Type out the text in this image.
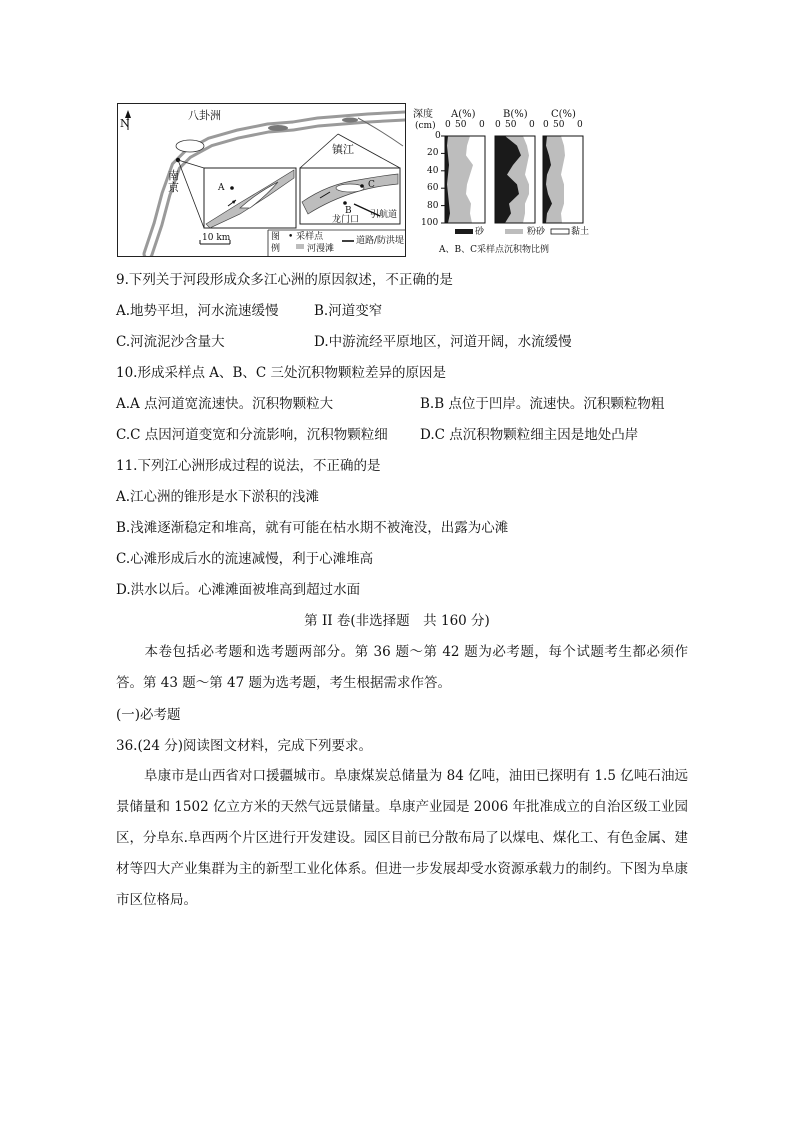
N
八卦洲
南京
镇江
A
B
C
龙门口 引航道
10 km	图
例
• 采样点
河漫滩
道路/防洪堤
深度
(cm)
A(%)	B(%) C(%)
0 50 0 0 50 0 0 50 0
0
20
40
60
80
100
砂	粉砂	黏土
A、B、C采样点沉积物比例
9.下列关于河段形成众多江心洲的原因叙述，不正确的是
A.地势平坦，河水流速缓慢	B.河道变窄
C.河流泥沙含量大	D.中游流经平原地区，河道开阔，水流缓慢
10.形成采样点 A、B、C 三处沉积物颗粒差异的原因是
A.A 点河道宽流速快。沉积物颗粒大	B.B 点位于凹岸。流速快。沉积颗粒物粗
C.C 点因河道变宽和分流影响，沉积物颗粒细 D.C 点沉积物颗粒细主因是地处凸岸
11.下列江心洲形成过程的说法，不正确的是
A.江心洲的锥形是水下淤积的浅滩
B.浅滩逐渐稳定和堆高，就有可能在枯水期不被淹没，出露为心滩
C.心滩形成后水的流速减慢，利于心滩堆高
D.洪水以后。心滩滩面被堆高到超过水面
第 II 卷(非选择题　共 160 分)
本卷包括必考题和选考题两部分。第 36 题～第 42 题为必考题，每个试题考生都必须作答。第 43 题～第 47 题为选考题，考生根据需求作答。
(一)必考题
36.(24 分)阅读图文材料，完成下列要求。
阜康市是山西省对口援疆城市。阜康煤炭总储量为 84 亿吨，油田已探明有 1.5 亿吨石油远景储量和 1502 亿立方米的天然气远景储量。阜康产业园是 2006 年批准成立的自治区级工业园区，分阜东.阜西两个片区进行开发建设。园区目前已分散布局了以煤电、煤化工、有色金属、建材等四大产业集群为主的新型工业化体系。但进一步发展却受水资源承载力的制约。下图为阜康市区位格局。
